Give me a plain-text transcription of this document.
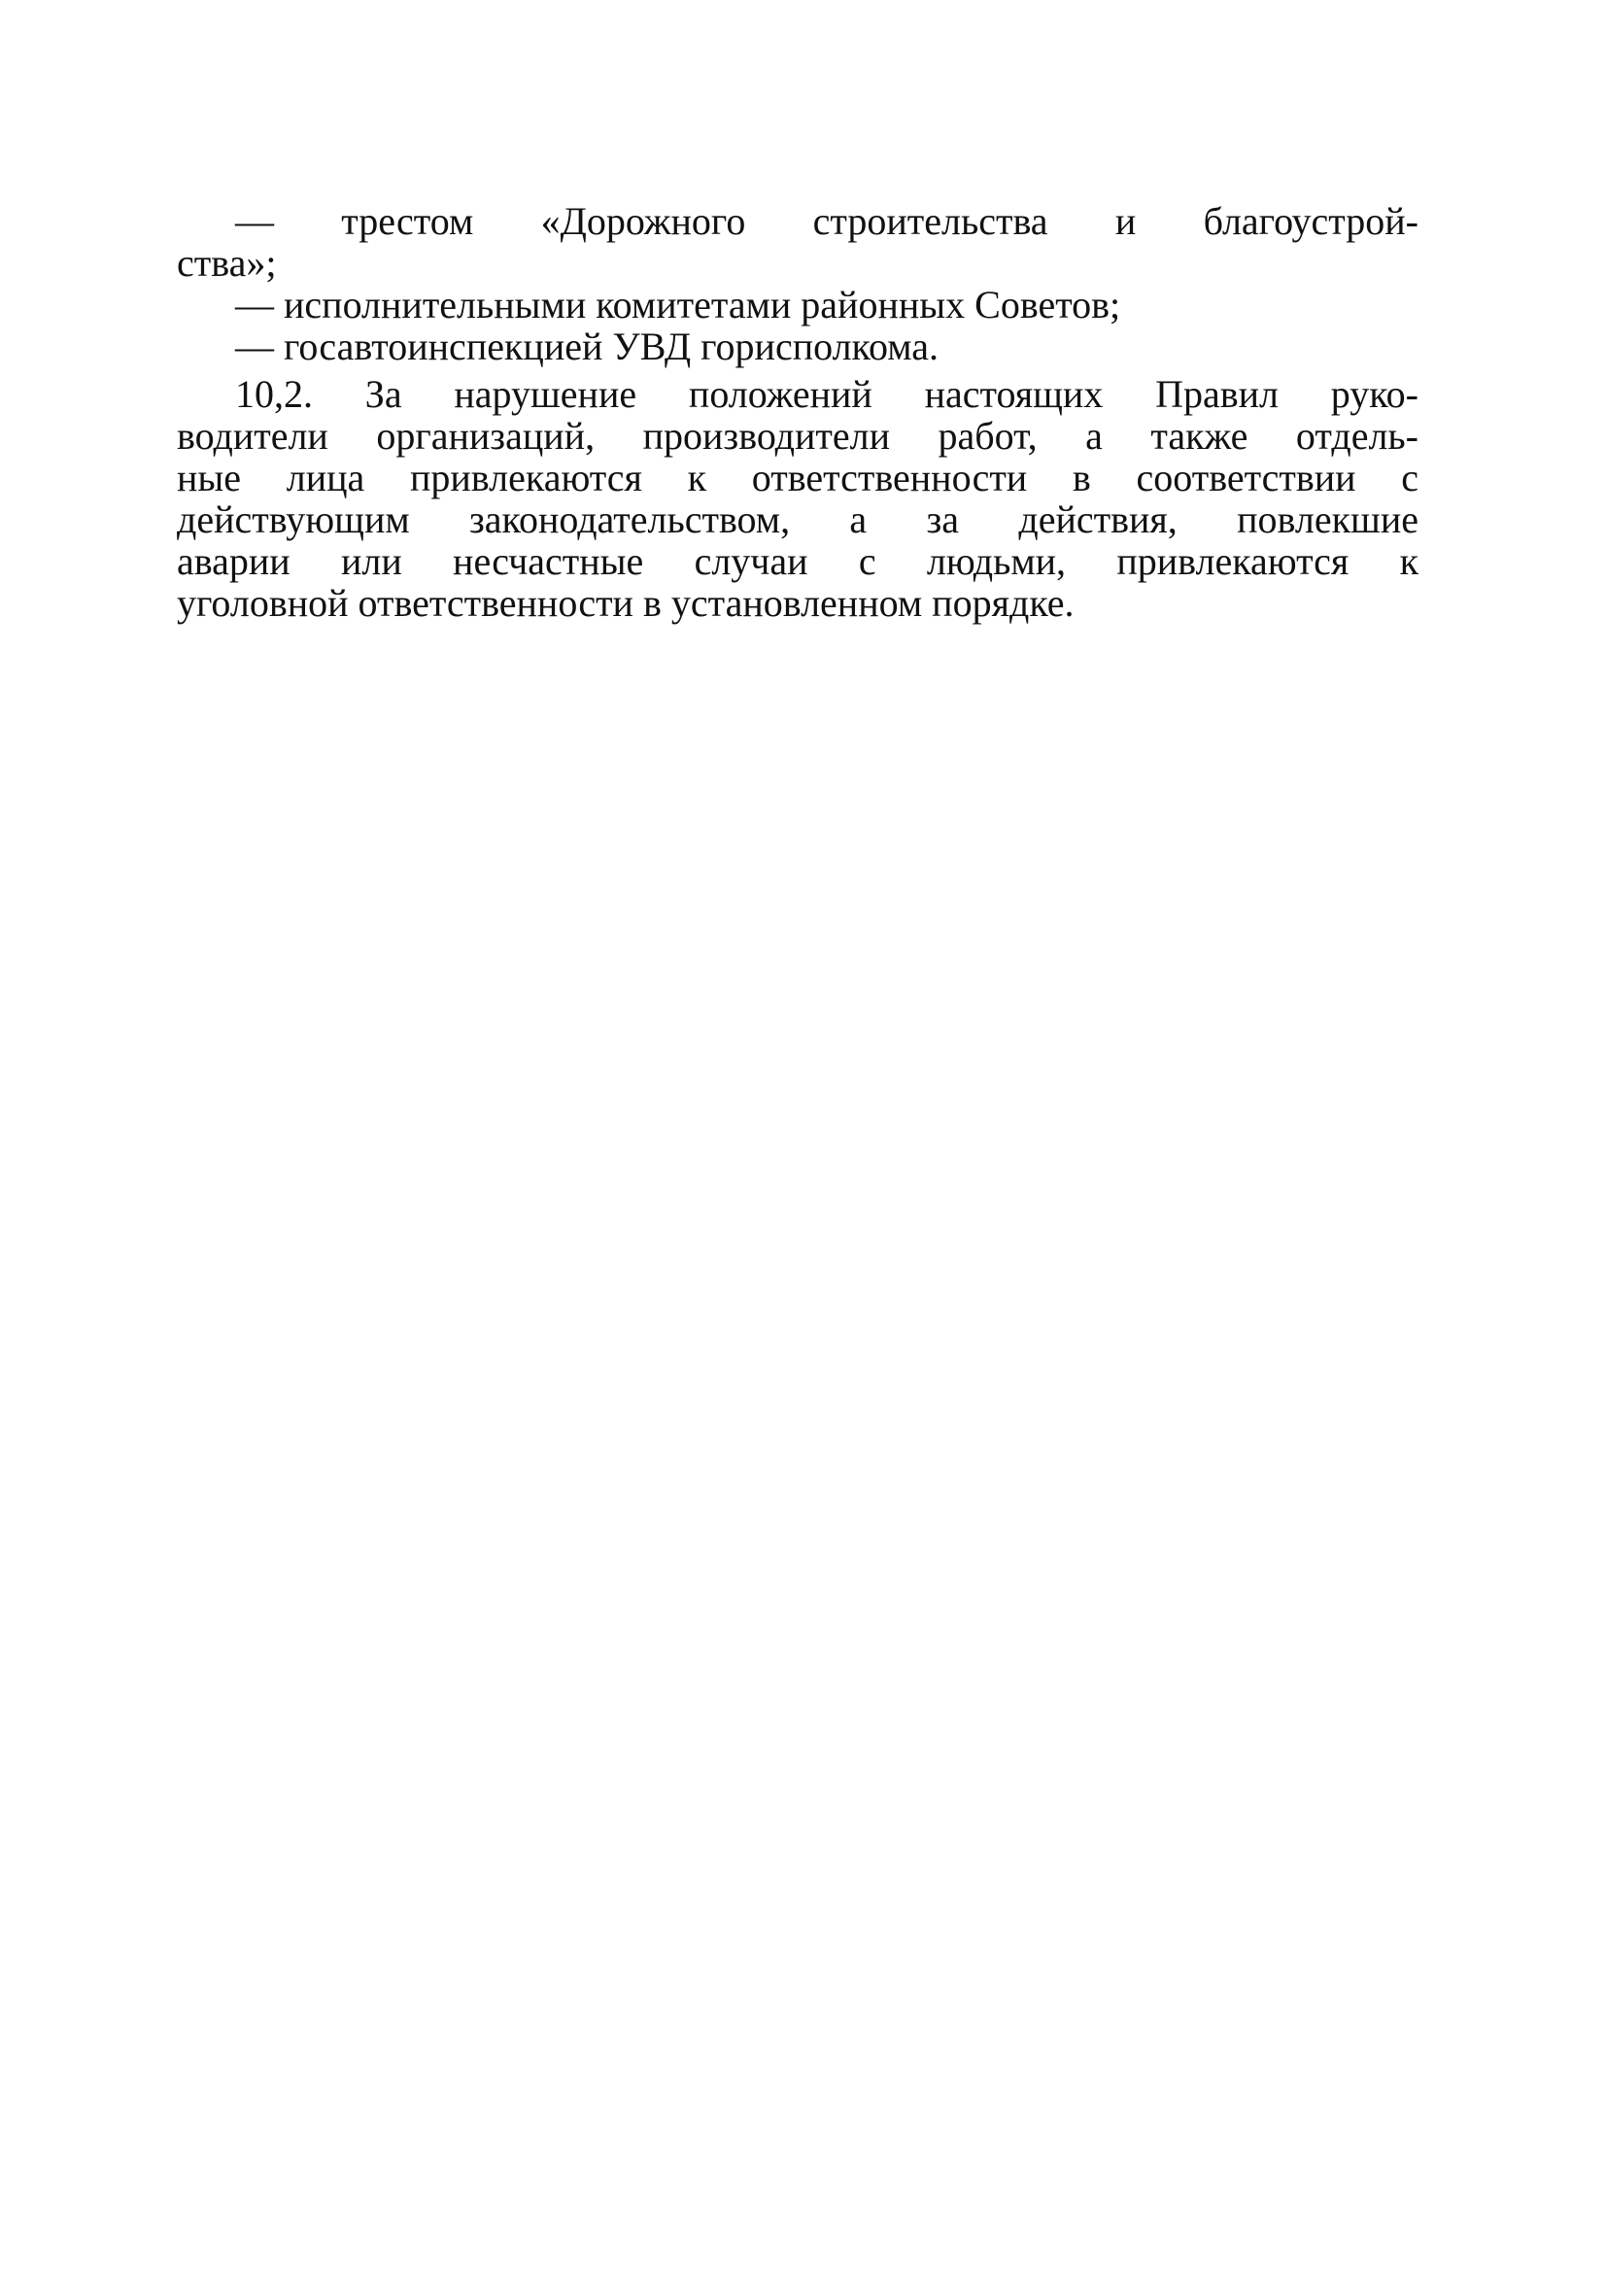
— трестом «Дорожного строительства и благоустрой-
ства»;
— исполнительными комитетами районных Советов;
— госавтоинспекцией УВД горисполкома.
10,2. За нарушение положений настоящих Правил руко-
водители организаций, производители работ, а также отдель-
ные лица привлекаются к ответственности в соответствии с
действующим законодательством, а за действия, повлекшие
аварии или несчастные случаи с людьми, привлекаются к
уголовной ответственности в установленном порядке.
